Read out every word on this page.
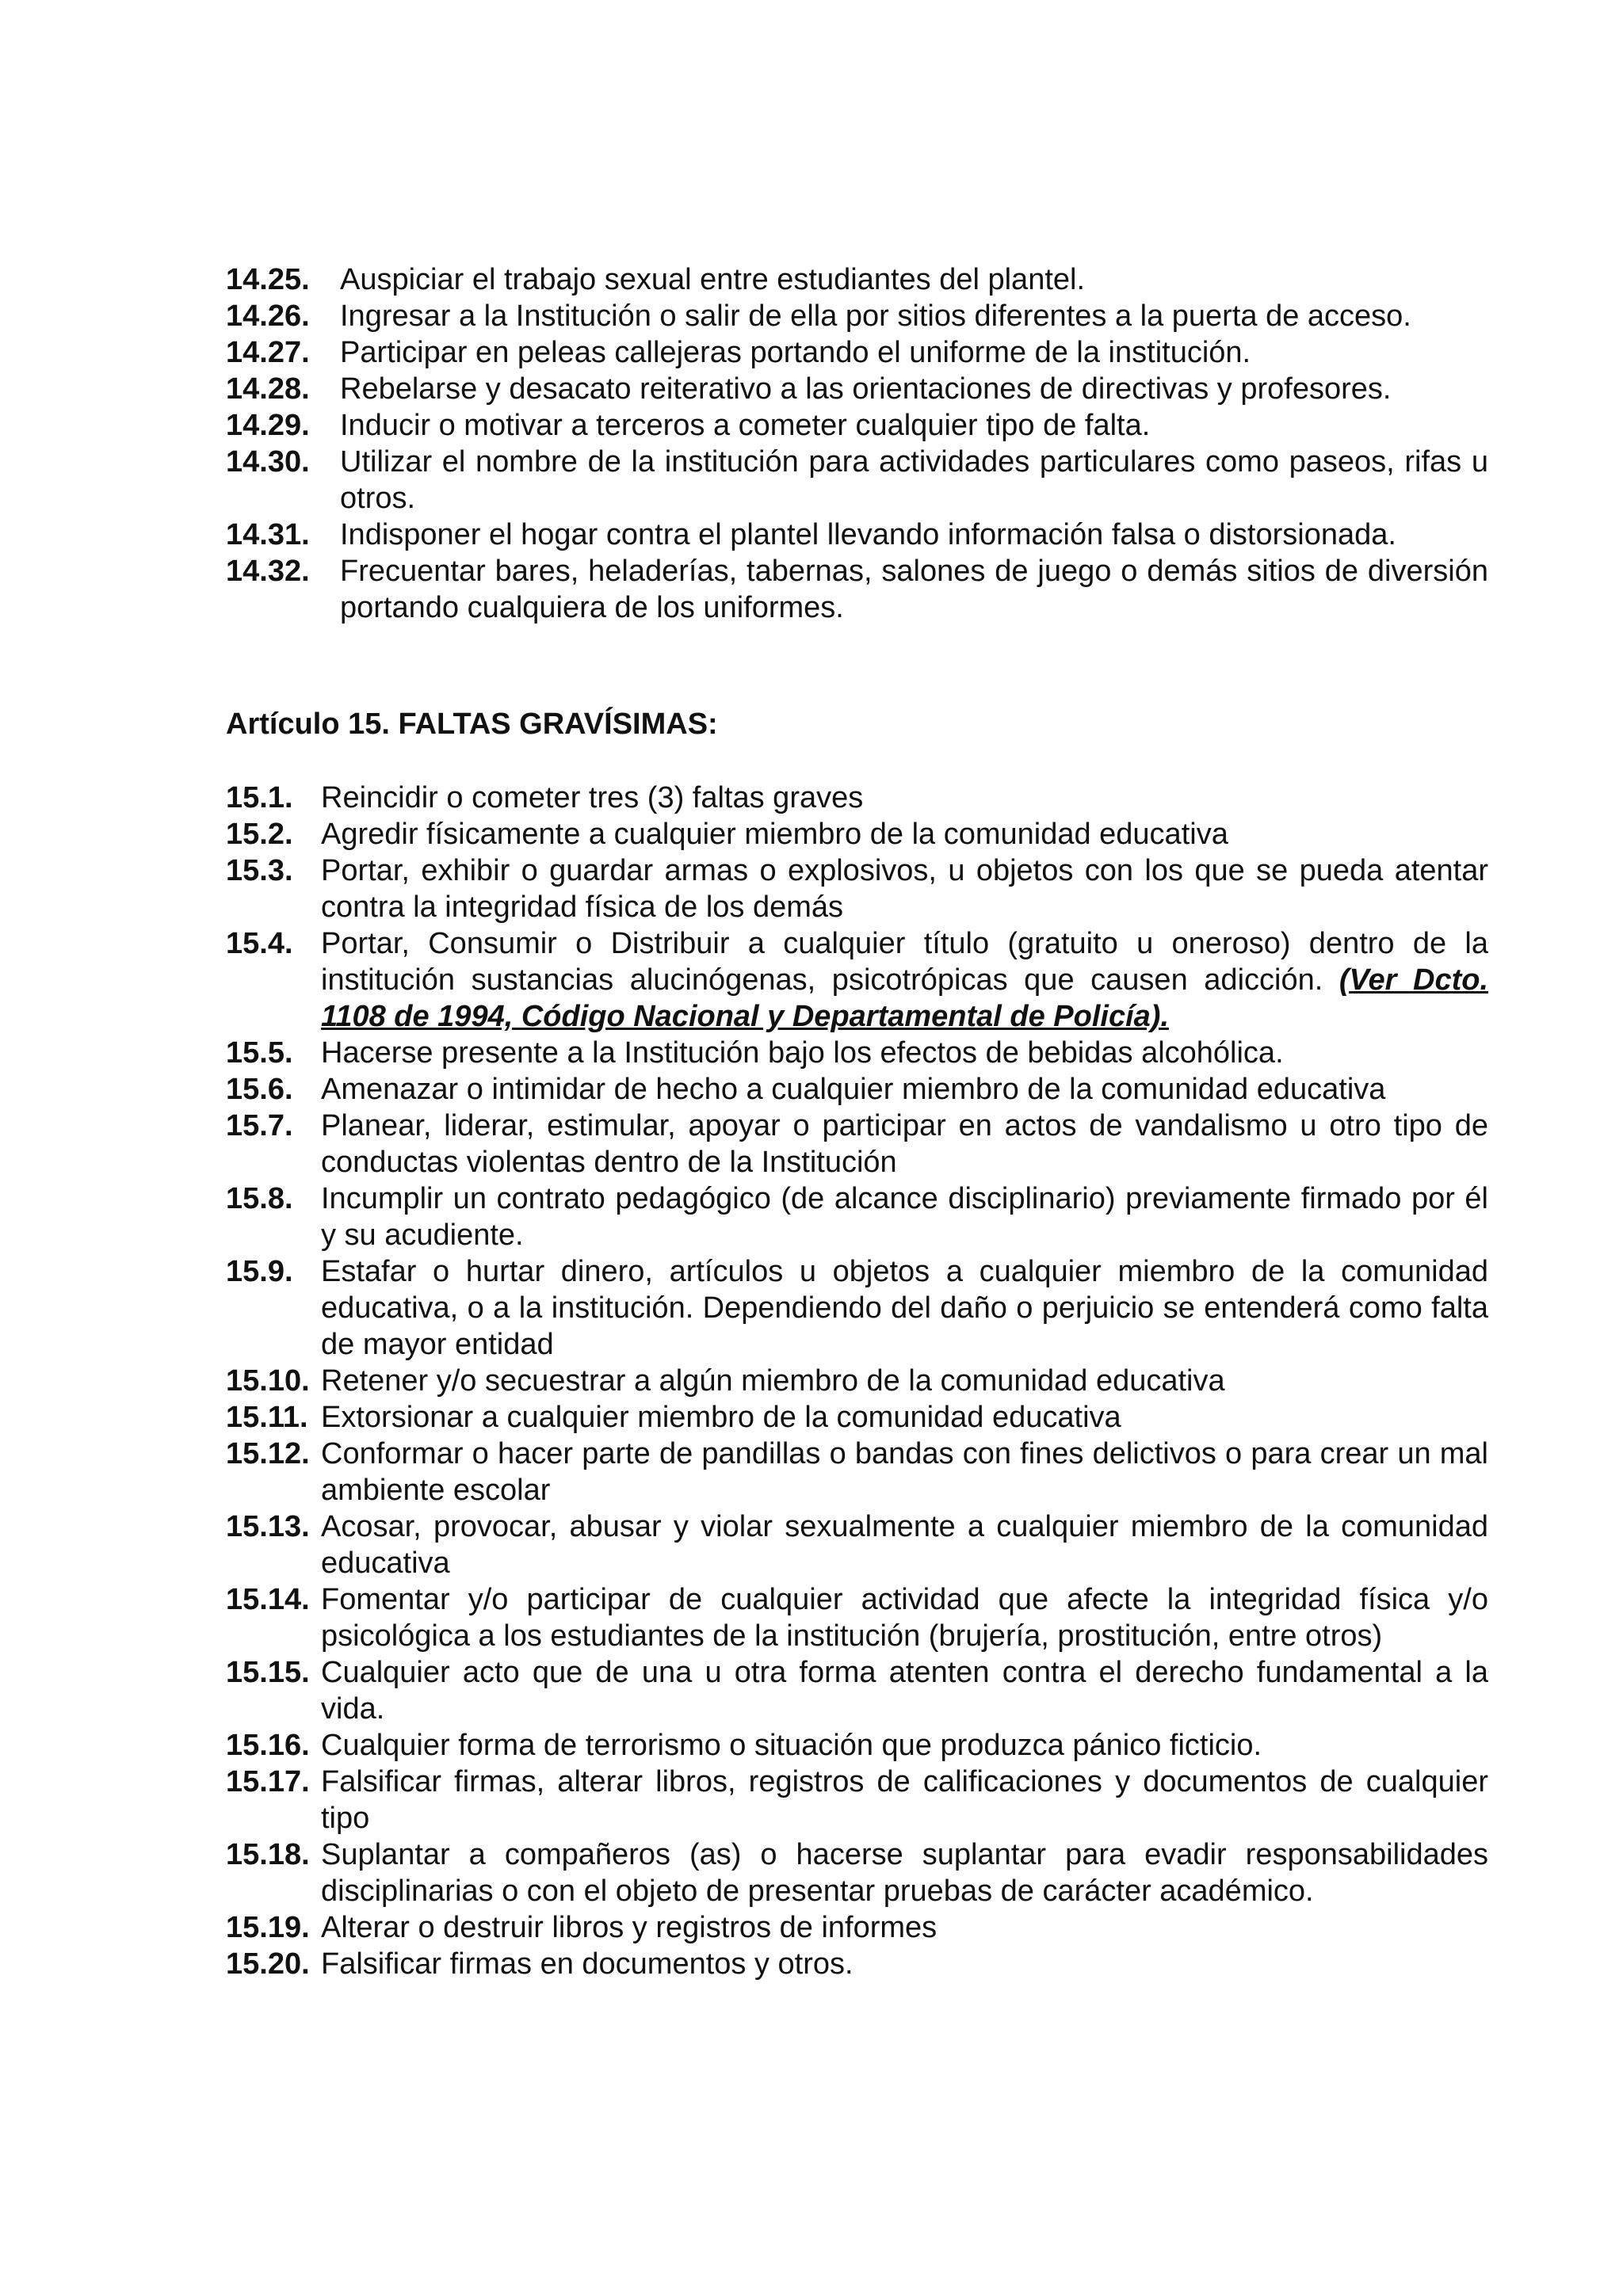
14.25. Auspiciar el trabajo sexual entre estudiantes del plantel.
14.26. Ingresar a la Institución o salir de ella por sitios diferentes a la puerta de acceso.
14.27. Participar en peleas callejeras portando el uniforme de la institución.
14.28. Rebelarse y desacato reiterativo a las orientaciones de directivas y profesores.
14.29. Inducir o motivar a terceros a cometer cualquier tipo de falta.
14.30. Utilizar el nombre de la institución para actividades particulares como paseos, rifas u otros.
14.31. Indisponer el hogar contra el plantel llevando información falsa o distorsionada.
14.32. Frecuentar bares, heladerías, tabernas, salones de juego o demás sitios de diversión portando cualquiera de los uniformes.
Artículo 15. FALTAS GRAVÍSIMAS:
15.1. Reincidir o cometer tres (3) faltas graves
15.2. Agredir físicamente a cualquier miembro de la comunidad educativa
15.3. Portar, exhibir o guardar armas o explosivos, u objetos con los que se pueda atentar contra la integridad física de los demás
15.4. Portar, Consumir o Distribuir a cualquier título (gratuito u oneroso) dentro de la institución sustancias alucinógenas, psicotrópicas que causen adicción. (Ver Dcto. 1108 de 1994, Código Nacional y Departamental de Policía).
15.5. Hacerse presente a la Institución bajo los efectos de bebidas alcohólica.
15.6. Amenazar o intimidar de hecho a cualquier miembro de la comunidad educativa
15.7. Planear, liderar, estimular, apoyar o participar en actos de vandalismo u otro tipo de conductas violentas dentro de la Institución
15.8. Incumplir un contrato pedagógico (de alcance disciplinario) previamente firmado por él y su acudiente.
15.9. Estafar o hurtar dinero, artículos u objetos a cualquier miembro de la comunidad educativa, o a la institución. Dependiendo del daño o perjuicio se entenderá como falta de mayor entidad
15.10. Retener y/o secuestrar a algún miembro de la comunidad educativa
15.11. Extorsionar a cualquier miembro de la comunidad educativa
15.12. Conformar o hacer parte de pandillas o bandas con fines delictivos o para crear un mal ambiente escolar
15.13. Acosar, provocar, abusar y violar sexualmente a cualquier miembro de la comunidad educativa
15.14. Fomentar y/o participar de cualquier actividad que afecte la integridad física y/o psicológica a los estudiantes de la institución (brujería, prostitución, entre otros)
15.15. Cualquier acto que de una u otra forma atenten contra el derecho fundamental a la vida.
15.16. Cualquier forma de terrorismo o situación que produzca pánico ficticio.
15.17. Falsificar firmas, alterar libros, registros de calificaciones y documentos de cualquier tipo
15.18. Suplantar a compañeros (as) o hacerse suplantar para evadir responsabilidades disciplinarias o con el objeto de presentar pruebas de carácter académico.
15.19. Alterar o destruir libros y registros de informes
15.20. Falsificar firmas en documentos y otros.
